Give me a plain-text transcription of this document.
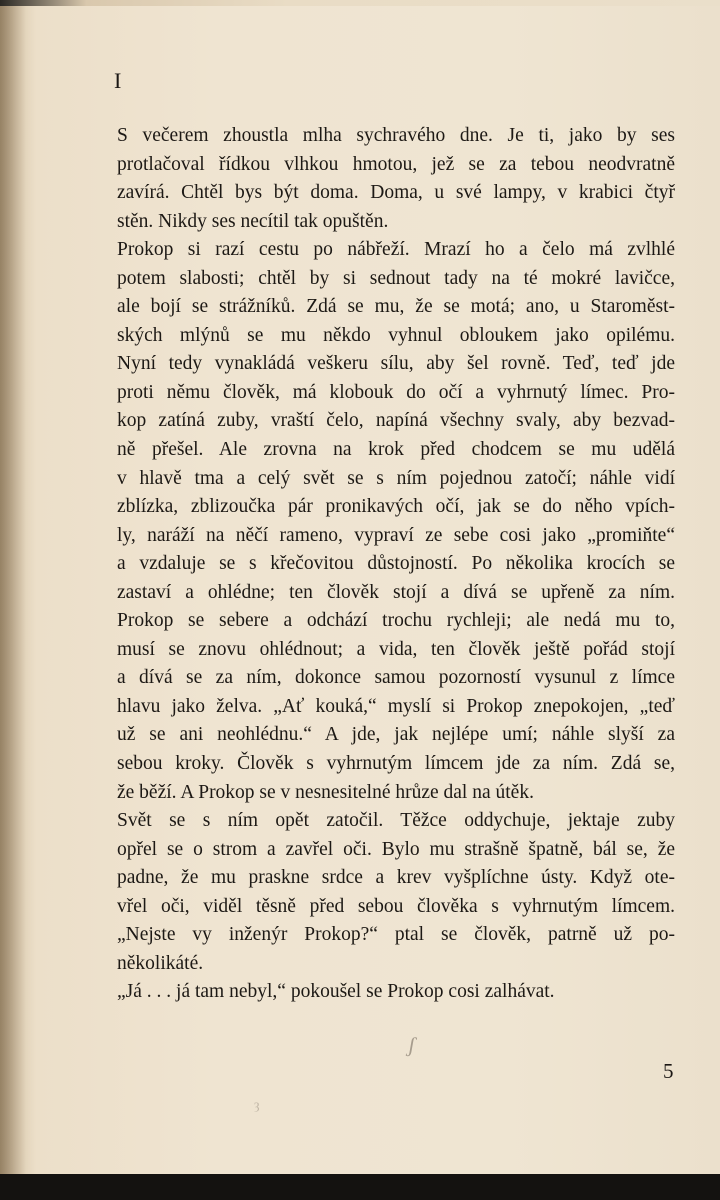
I
S večerem zhoustla mlha sychravého dne. Je ti, jako by ses
protlačoval řídkou vlhkou hmotou, jež se za tebou neodvratně
zavírá. Chtěl bys být doma. Doma, u své lampy, v krabici čtyř
stěn. Nikdy ses necítil tak opuštěn.
Prokop si razí cestu po nábřeží. Mrazí ho a čelo má zvlhlé
potem slabosti; chtěl by si sednout tady na té mokré lavičce,
ale bojí se strážníků. Zdá se mu, že se motá; ano, u Staroměst-
ských mlýnů se mu někdo vyhnul obloukem jako opilému.
Nyní tedy vynakládá veškeru sílu, aby šel rovně. Teď, teď jde
proti němu člověk, má klobouk do očí a vyhrnutý límec. Pro-
kop zatíná zuby, vraští čelo, napíná všechny svaly, aby bezvad-
ně přešel. Ale zrovna na krok před chodcem se mu udělá
v hlavě tma a celý svět se s ním pojednou zatočí; náhle vidí
zblízka, zblizoučka pár pronikavých očí, jak se do něho vpích-
ly, naráží na něčí rameno, vypraví ze sebe cosi jako „promiňte“
a vzdaluje se s křečovitou důstojností. Po několika krocích se
zastaví a ohlédne; ten člověk stojí a dívá se upřeně za ním.
Prokop se sebere a odchází trochu rychleji; ale nedá mu to,
musí se znovu ohlédnout; a vida, ten člověk ještě pořád stojí
a dívá se za ním, dokonce samou pozorností vysunul z límce
hlavu jako želva. „Ať kouká,“ myslí si Prokop znepokojen, „teď
už se ani neohlédnu.“ A jde, jak nejlépe umí; náhle slyší za
sebou kroky. Člověk s vyhrnutým límcem jde za ním. Zdá se,
že běží. A Prokop se v nesnesitelné hrůze dal na útěk.
Svět se s ním opět zatočil. Těžce oddychuje, jektaje zuby
opřel se o strom a zavřel oči. Bylo mu strašně špatně, bál se, že
padne, že mu praskne srdce a krev vyšplíchne ústy. Když ote-
vřel oči, viděl těsně před sebou člověka s vyhrnutým límcem.
„Nejste vy inženýr Prokop?“ ptal se člověk, patrně už po-
několikáté.
„Já . . . já tam nebyl,“ pokoušel se Prokop cosi zalhávat.
ʃ
ȝ
5
